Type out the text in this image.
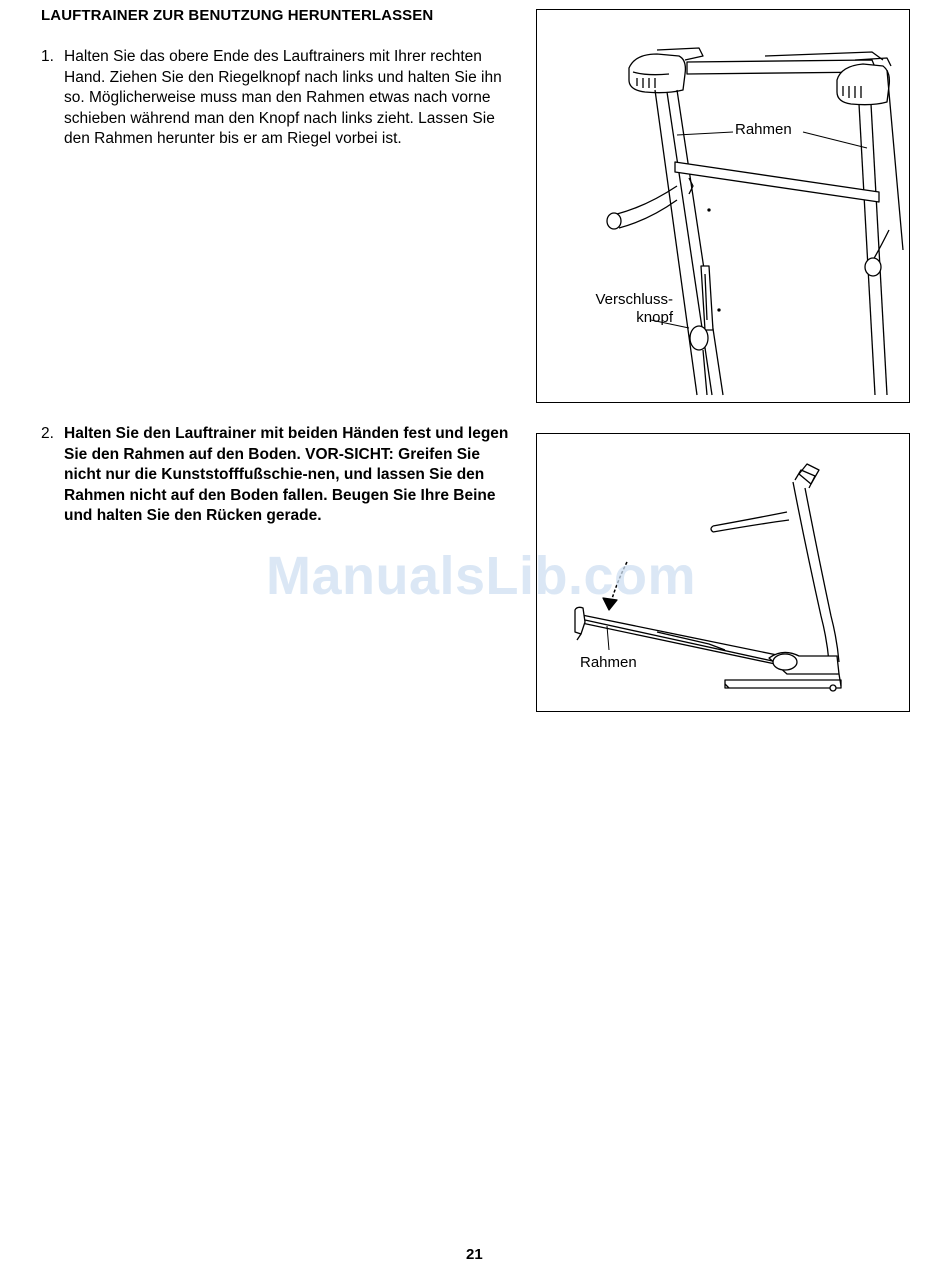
LAUFTRAINER ZUR BENUTZUNG HERUNTERLASSEN
1. Halten Sie das obere Ende des Lauftrainers mit Ihrer rechten Hand. Ziehen Sie den Riegelknopf nach links und halten Sie ihn so. Möglicherweise muss man den Rahmen etwas nach vorne schieben während man den Knopf nach links zieht. Lassen Sie den Rahmen herunter bis er am Riegel vorbei ist.
2. Halten Sie den Lauftrainer mit beiden Händen fest und legen Sie den Rahmen auf den Boden. VOR-SICHT: Greifen Sie nicht nur die Kunststofffußschie-nen, und lassen Sie den Rahmen nicht auf den Boden fallen. Beugen Sie Ihre Beine und halten Sie den Rücken gerade.
Rahmen
Verschluss-
knopf
Rahmen
ManualsLib.com
21
